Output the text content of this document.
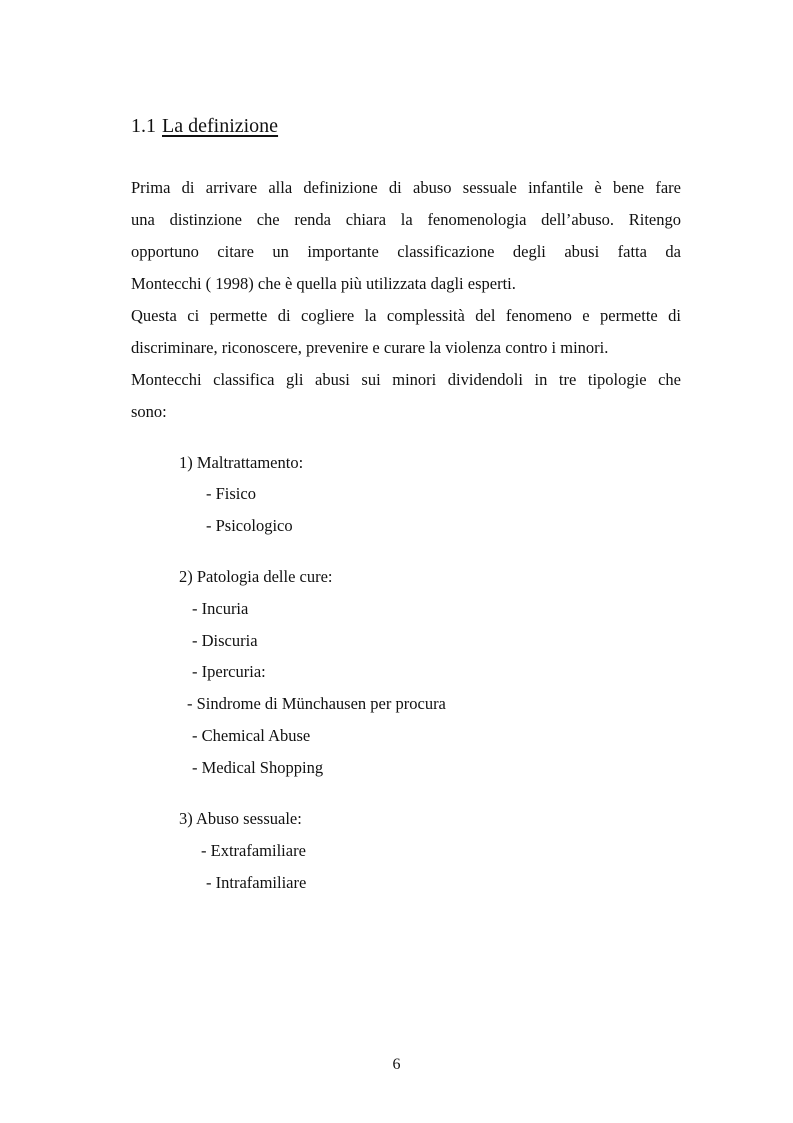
1.1 La definizione
Prima di arrivare alla definizione di abuso sessuale infantile è bene fare
una distinzione che renda chiara la fenomenologia dell’abuso. Ritengo
opportuno citare un importante classificazione degli abusi fatta da
Montecchi ( 1998) che è quella più utilizzata dagli esperti.
Questa ci permette di cogliere la complessità del fenomeno e permette di
discriminare, riconoscere, prevenire e curare la violenza contro i minori.
Montecchi classifica gli abusi sui minori dividendoli in tre tipologie che
sono:

1) Maltrattamento:

- Fisico

- Psicologico

2) Patologia delle cure:

- Incuria

- Discuria

- Ipercuria:

- Sindrome di Münchausen per procura

- Chemical Abuse

- Medical Shopping

3) Abuso sessuale:

- Extrafamiliare

- Intrafamiliare

6
